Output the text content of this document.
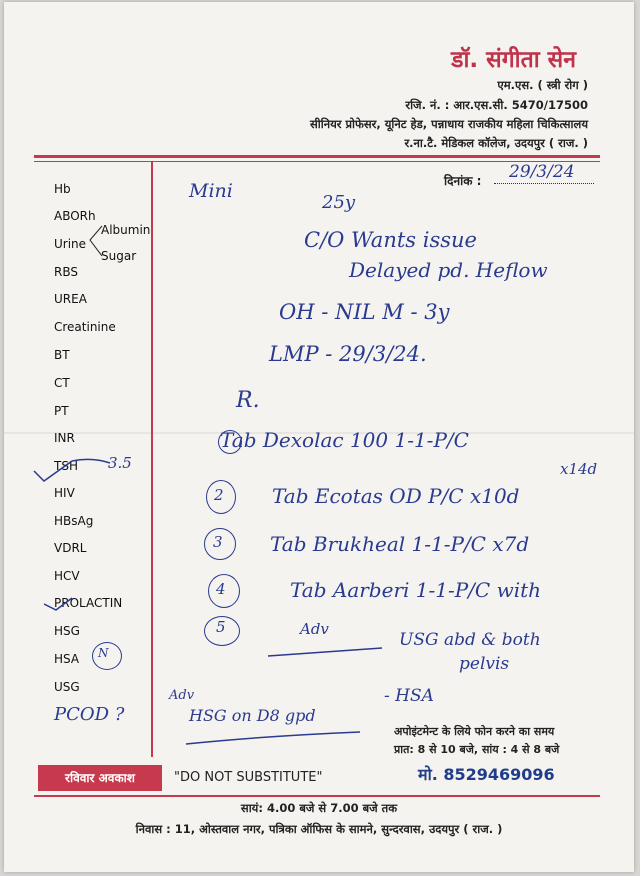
डॉ. संगीता सेन
एम.एस. ( स्त्री रोग )
रजि. नं. : आर.एस.सी. 5470/17500
सीनियर प्रोफेसर, यूनिट हेड, पन्नाधाय राजकीय महिला चिकित्सालय
र.ना.टै. मेडिकल कॉलेज, उदयपुर ( राज. )
दिनांक : 29/3/24
Hb
ABORh
Urine
Albumin
Sugar
RBS
UREA
Creatinine
BT
CT
PT
INR
TSH
HIV
HBsAg
VDRL
HCV
PROLACTIN
HSG
HSA
USG
3.5
N
PCOD ?
Adv
HSG on D8 gpd
Mini
25y
C/O Wants issue
Delayed pd. Heflow
OH - NIL M - 3y
LMP - 29/3/24.
R.
Tab Dexolac 100 1-1-P/C
x14d
2 Tab Ecotas OD P/C x10d
3 Tab Brukheal 1-1-P/C x7d
4	Tab Aarberi 1-1-P/C with
5	Adv
USG abd & both
pelvis
- HSA
अपोइंटमेन्ट के लिये फोन करने का समय
प्रात: 8 से 10 बजे, सांय : 4 से 8 बजे
मो. 8529469096
रविवार अवकाश	"DO NOT SUBSTITUTE"
सायं: 4.00 बजे से 7.00 बजे तक
निवास : 11, ओस्तवाल नगर, पत्रिका ऑफिस के सामने, सुन्दरवास, उदयपुर ( राज. )
